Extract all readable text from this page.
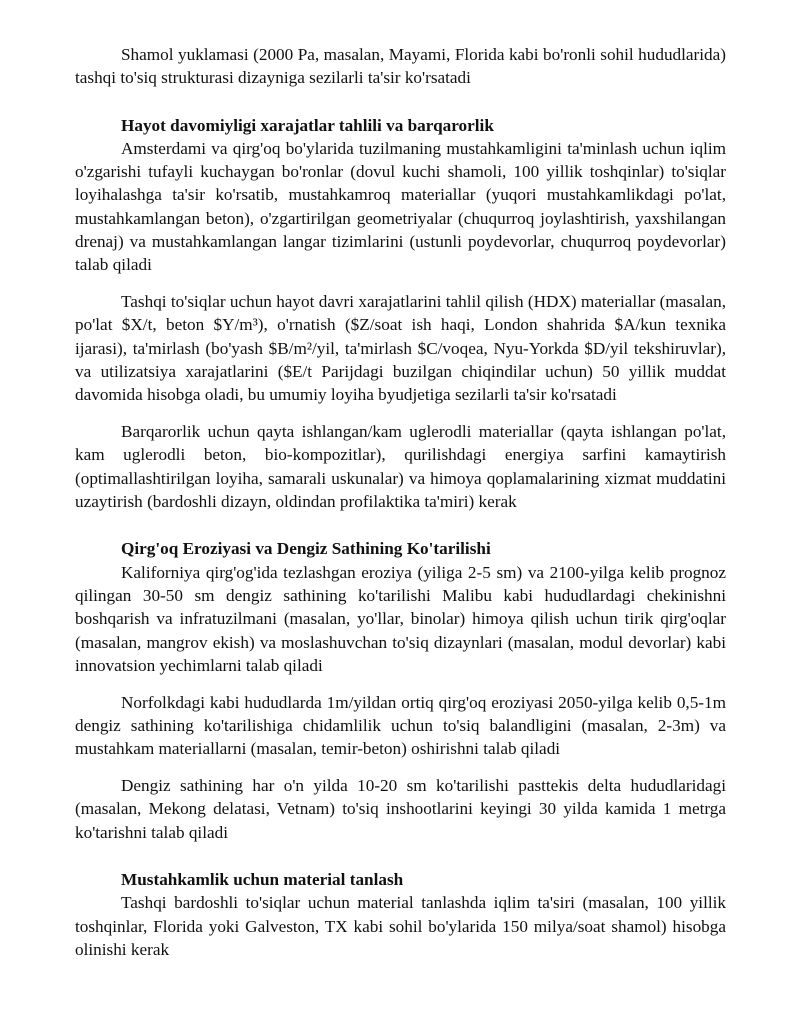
Shamol yuklamasi (2000 Pa, masalan, Mayami, Florida kabi bo'ronli sohil hududlarida) tashqi to'siq strukturasi dizayniga sezilarli ta'sir ko'rsatadi

Hayot davomiyligi xarajatlar tahlili va barqarorlik

Amsterdami va qirg'oq bo'ylarida tuzilmaning mustahkamligini ta'minlash uchun iqlim o'zgarishi tufayli kuchaygan bo'ronlar (dovul kuchi shamoli, 100 yillik toshqinlar) to'siqlar loyihalashga ta'sir ko'rsatib, mustahkamroq materiallar (yuqori mustahkamlikdagi po'lat, mustahkamlangan beton), o'zgartirilgan geometriyalar (chuqurroq joylashtirish, yaxshilangan drenaj) va mustahkamlangan langar tizimlarini (ustunli poydevorlar, chuqurroq poydevorlar) talab qiladi

Tashqi to'siqlar uchun hayot davri xarajatlarini tahlil qilish (HDX) materiallar (masalan, po'lat $X/t, beton $Y/m³), o'rnatish ($Z/soat ish haqi, London shahrida $A/kun texnika ijarasi), ta'mirlash (bo'yash $B/m²/yil, ta'mirlash $C/voqea, Nyu-Yorkda $D/yil tekshiruvlar), va utilizatsiya xarajatlarini ($E/t Parijdagi buzilgan chiqindilar uchun) 50 yillik muddat davomida hisobga oladi, bu umumiy loyiha byudjetiga sezilarli ta'sir ko'rsatadi

Barqarorlik uchun qayta ishlangan/kam uglerodli materiallar (qayta ishlangan po'lat, kam uglerodli beton, bio-kompozitlar), qurilishdagi energiya sarfini kamaytirish (optimallashtirilgan loyiha, samarali uskunalar) va himoya qoplamalarining xizmat muddatini uzaytirish (bardoshli dizayn, oldindan profilaktika ta'miri) kerak

Qirg'oq Eroziyasi va Dengiz Sathining Ko'tarilishi

Kaliforniya qirg'og'ida tezlashgan eroziya (yiliga 2-5 sm) va 2100-yilga kelib prognoz qilingan 30-50 sm dengiz sathining ko'tarilishi Malibu kabi hududlardagi chekinishni boshqarish va infratuzilmani (masalan, yo'llar, binolar) himoya qilish uchun tirik qirg'oqlar (masalan, mangrov ekish) va moslashuvchan to'siq dizaynlari (masalan, modul devorlar) kabi innovatsion yechimlarni talab qiladi

Norfolkdagi kabi hududlarda 1m/yildan ortiq qirg'oq eroziyasi 2050-yilga kelib 0,5-1m dengiz sathining ko'tarilishiga chidamlilik uchun to'siq balandligini (masalan, 2-3m) va mustahkam materiallarni (masalan, temir-beton) oshirishni talab qiladi

Dengiz sathining har o'n yilda 10-20 sm ko'tarilishi pasttekis delta hududlaridagi (masalan, Mekong delatasi, Vetnam) to'siq inshootlarini keyingi 30 yilda kamida 1 metrga ko'tarishni talab qiladi

Mustahkamlik uchun material tanlash

Tashqi bardoshli to'siqlar uchun material tanlashda iqlim ta'siri (masalan, 100 yillik toshqinlar, Florida yoki Galveston, TX kabi sohil bo'ylarida 150 milya/soat shamol) hisobga olinishi kerak
